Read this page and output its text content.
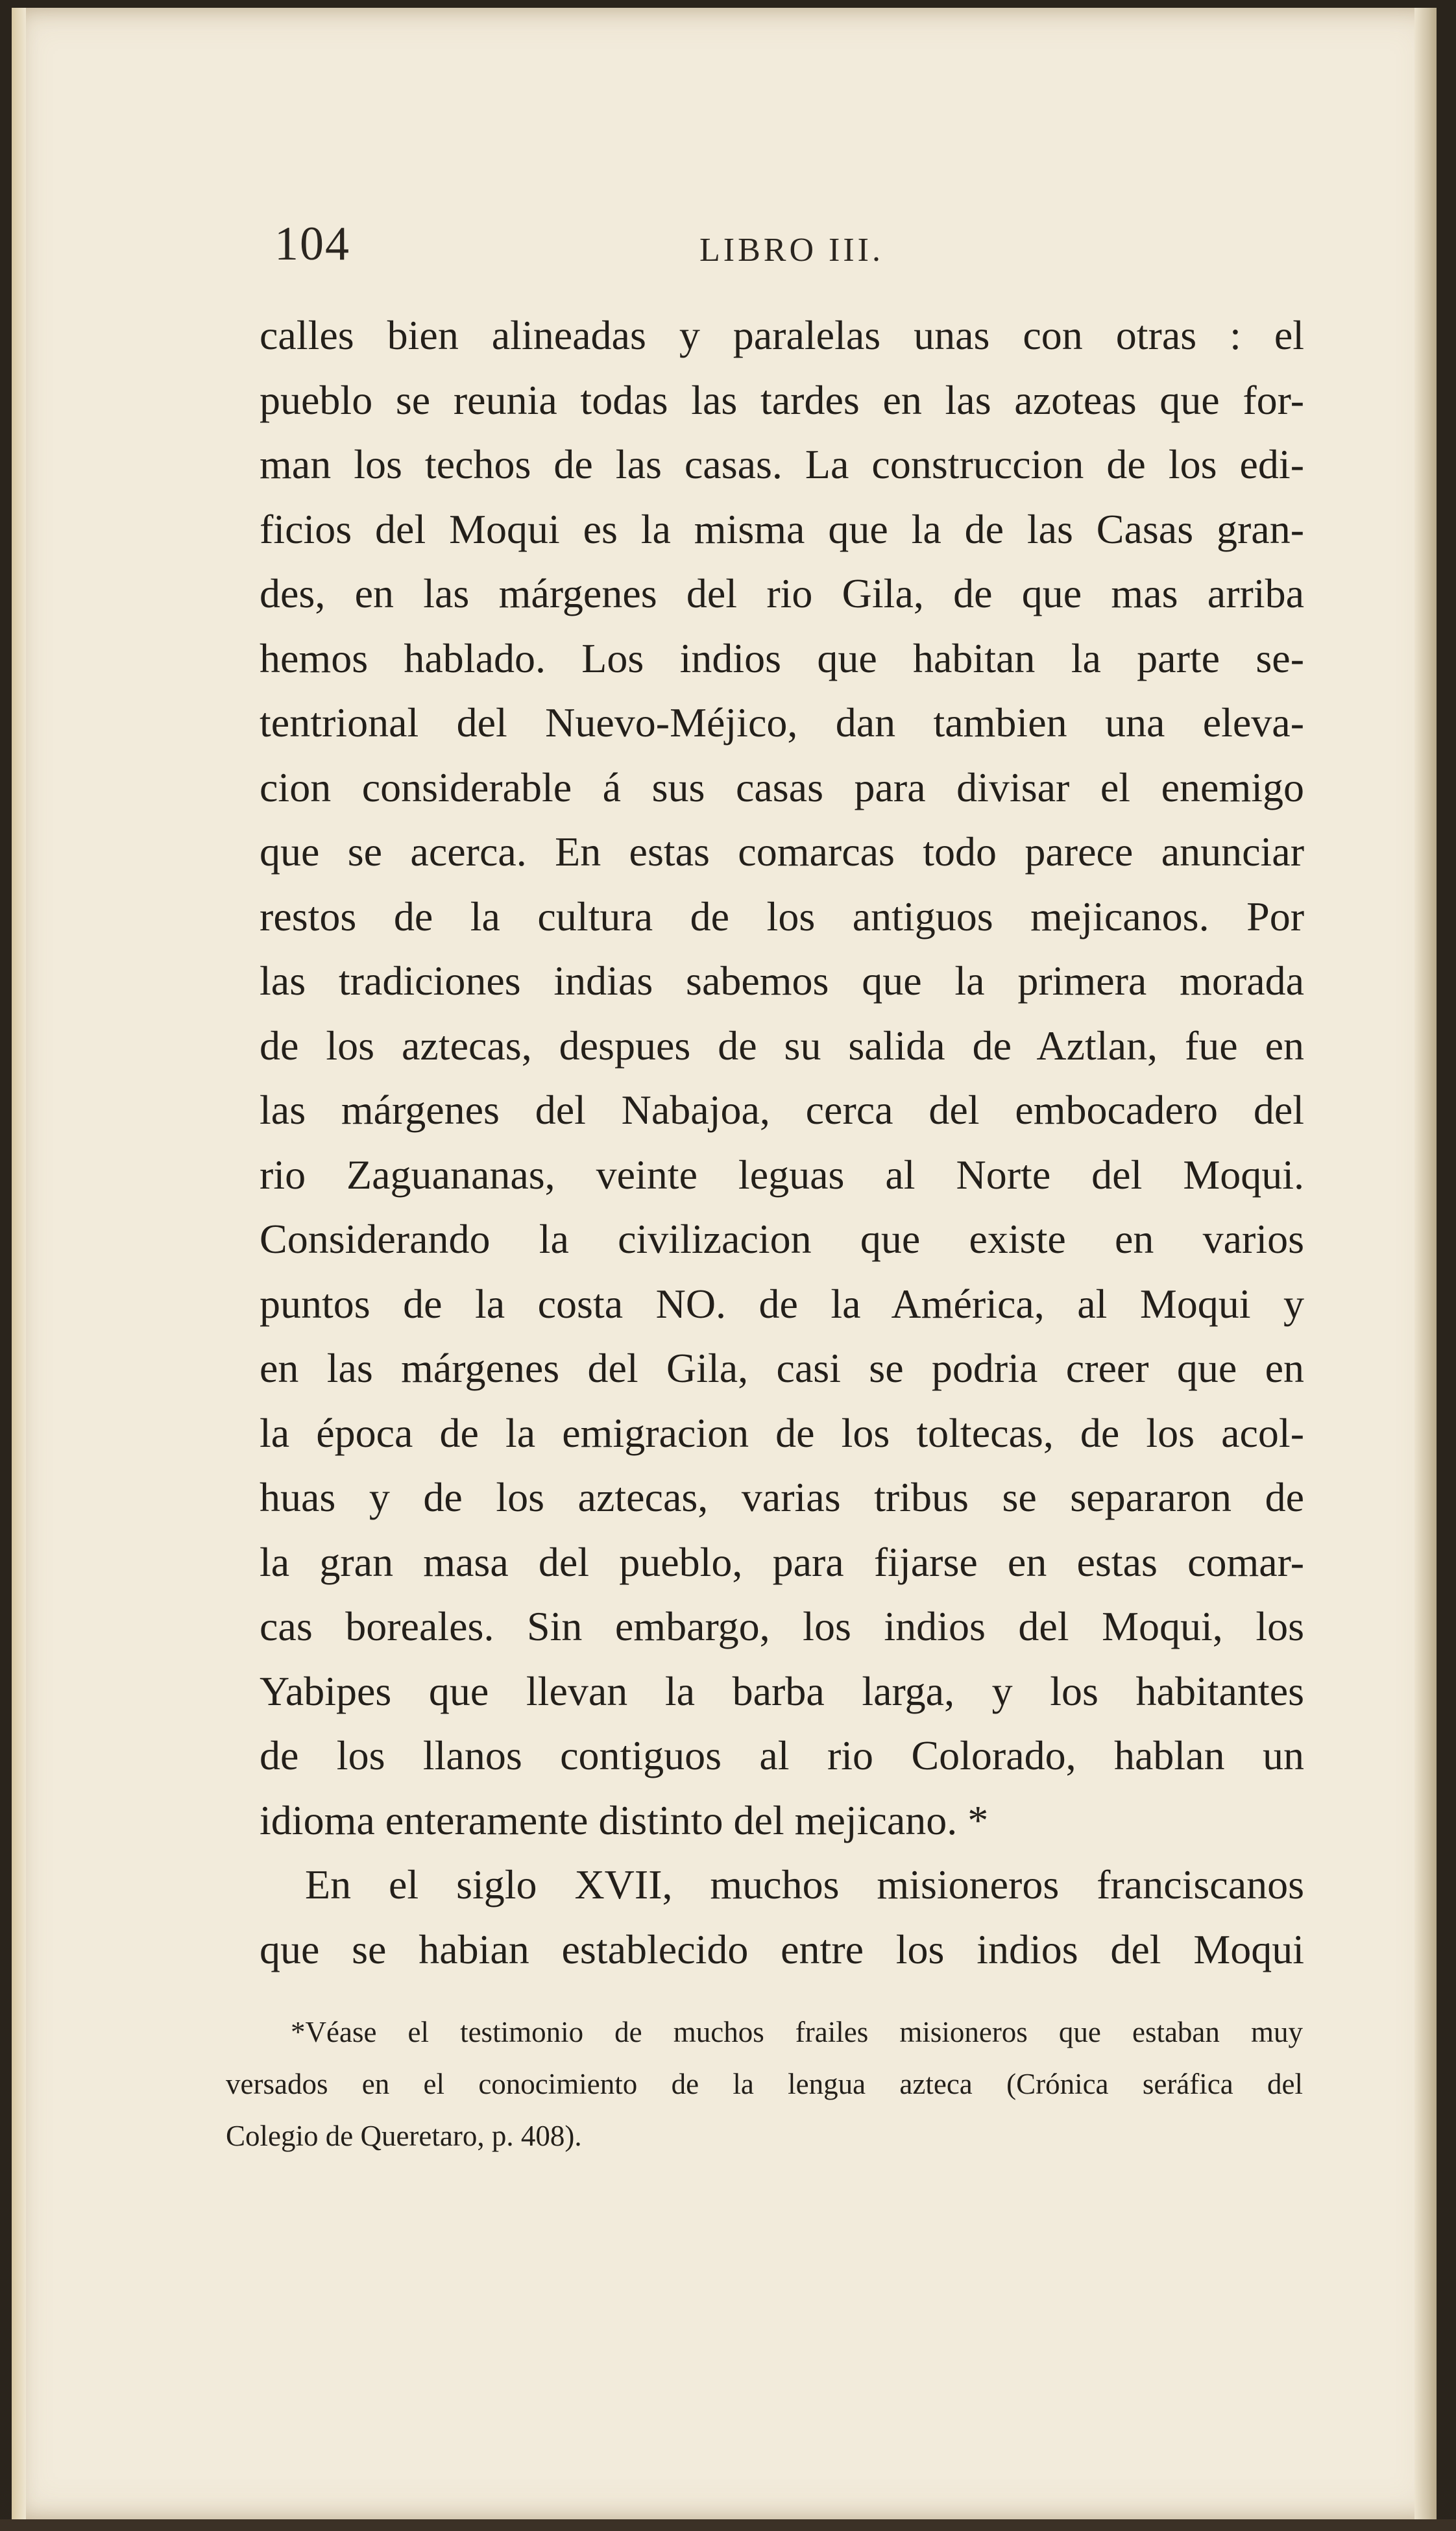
104	LIBRO III.
calles bien alineadas y paralelas unas con otras : el
pueblo se reunia todas las tardes en las azoteas que for-
man los techos de las casas. La construccion de los edi-
ficios del Moqui es la misma que la de las Casas gran-
des, en las márgenes del rio Gila, de que mas arriba
hemos hablado. Los indios que habitan la parte se-
tentrional del Nuevo-Méjico, dan tambien una eleva-
cion considerable á sus casas para divisar el enemigo
que se acerca. En estas comarcas todo parece anunciar
restos de la cultura de los antiguos mejicanos. Por
las tradiciones indias sabemos que la primera morada
de los aztecas, despues de su salida de Aztlan, fue en
las márgenes del Nabajoa, cerca del embocadero del
rio Zaguananas, veinte leguas al Norte del Moqui.
Considerando la civilizacion que existe en varios
puntos de la costa NO. de la América, al Moqui y
en las márgenes del Gila, casi se podria creer que en
la época de la emigracion de los toltecas, de los acol-
huas y de los aztecas, varias tribus se separaron de
la gran masa del pueblo, para fijarse en estas comar-
cas boreales. Sin embargo, los indios del Moqui, los
Yabipes que llevan la barba larga, y los habitantes
de los llanos contiguos al rio Colorado, hablan un
idioma enteramente distinto del mejicano. *
En el siglo XVII, muchos misioneros franciscanos
que se habian establecido entre los indios del Moqui
*Véase el testimonio de muchos frailes misioneros que estaban muy
versados en el conocimiento de la lengua azteca (Crónica seráfica del
Colegio de Queretaro, p. 408).
